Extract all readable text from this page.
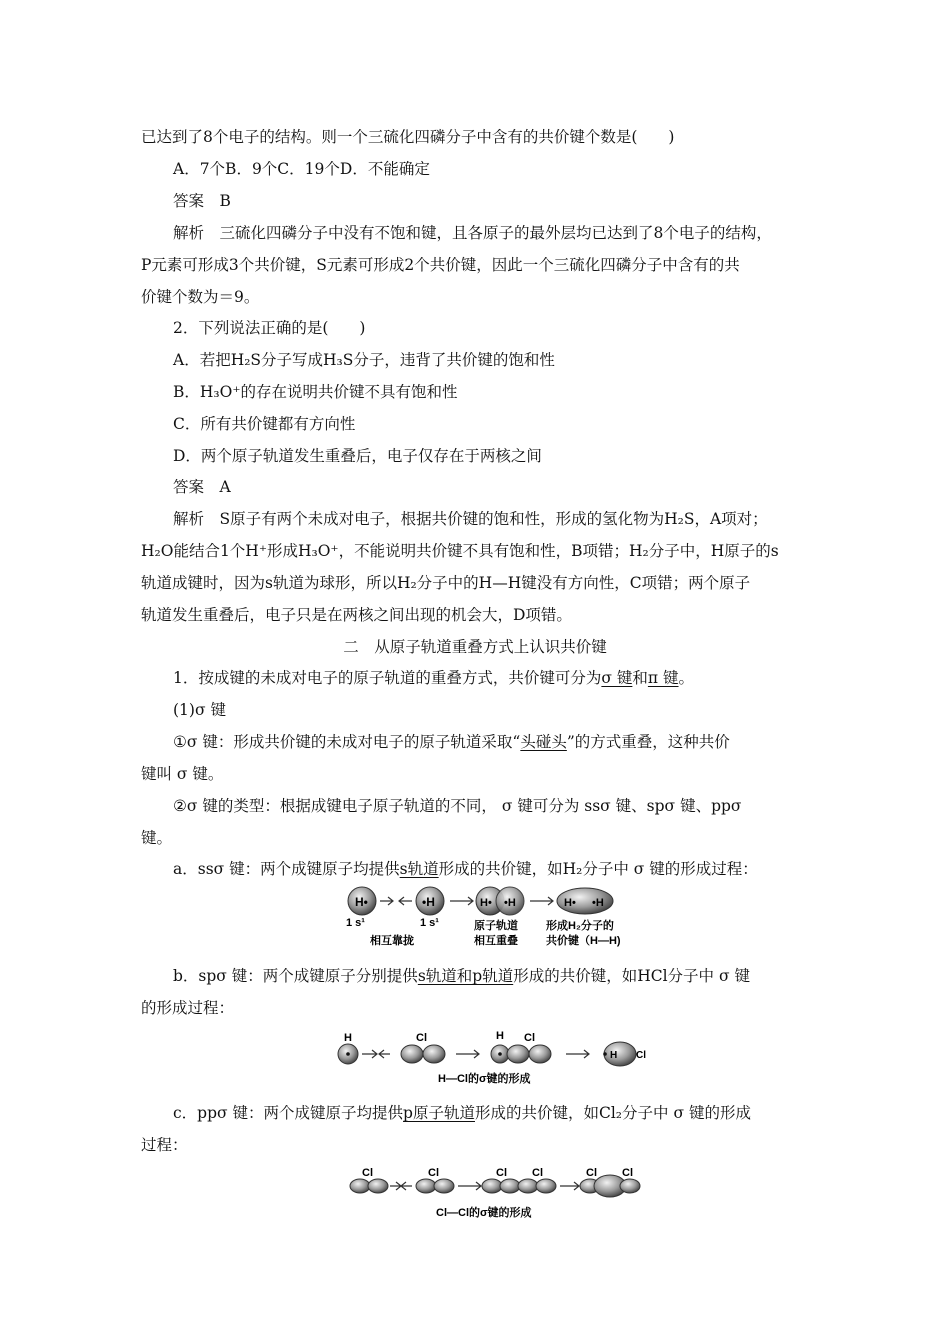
已达到了8个电子的结构。则一个三硫化四磷分子中含有的共价键个数是(　　)
A．7个B．9个C．19个D．不能确定
答案　B
解析　三硫化四磷分子中没有不饱和键，且各原子的最外层均已达到了8个电子的结构，
P元素可形成3个共价键，S元素可形成2个共价键，因此一个三硫化四磷分子中含有的共
价键个数为＝9。
2．下列说法正确的是(　　)
A．若把H₂S分子写成H₃S分子，违背了共价键的饱和性
B．H₃O⁺的存在说明共价键不具有饱和性
C．所有共价键都有方向性
D．两个原子轨道发生重叠后，电子仅存在于两核之间
答案　A
解析　S原子有两个未成对电子，根据共价键的饱和性，形成的氢化物为H₂S，A项对；
H₂O能结合1个H⁺形成H₃O⁺，不能说明共价键不具有饱和性，B项错；H₂分子中，H原子的s
轨道成键时，因为s轨道为球形，所以H₂分子中的H—H键没有方向性，C项错；两个原子
轨道发生重叠后，电子只是在两核之间出现的机会大，D项错。
二　从原子轨道重叠方式上认识共价键
1．按成键的未成对电子的原子轨道的重叠方式，共价键可分为σ 键和π 键。
(1)σ 键
①σ 键：形成共价键的未成对电子的原子轨道采取“头碰头”的方式重叠，这种共价
键叫 σ 键。
②σ 键的类型：根据成键电子原子轨道的不同， σ 键可分为 ssσ 键、spσ 键、ppσ
键。
a．ssσ 键：两个成键原子均提供s轨道形成的共价键，如H₂分子中 σ 键的形成过程：
H•	•H
1 s¹	1 s¹
相互靠拢
H• •H
原子轨道
相互重叠
H• •H
形成H₂分子的
共价键（H—H)
b．spσ 键：两个成键原子分别提供s轨道和p轨道形成的共价键，如HCl分子中 σ 键
的形成过程：
H	Cl	H Cl
H Cl
H—Cl的σ键的形成
c．ppσ 键：两个成键原子均提供p原子轨道形成的共价键，如Cl₂分子中 σ 键的形成
过程：
Cl	Cl	Cl Cl	Cl Cl
Cl—Cl的σ键的形成
